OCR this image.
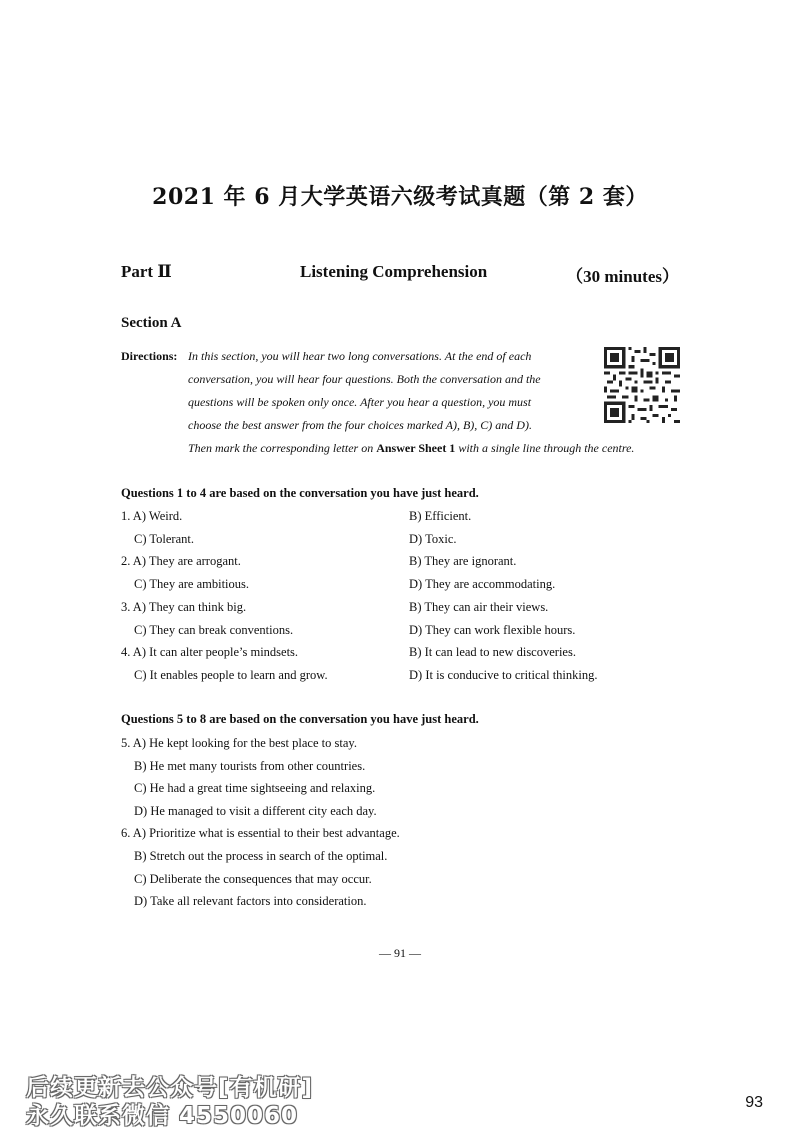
2021 年 6 月大学英语六级考试真题（第 2 套）
Part Ⅱ	Listening Comprehension	（30 minutes）
Section A
Directions: In this section, you will hear two long conversations. At the end of each
conversation, you will hear four questions. Both the conversation and the
questions will be spoken only once. After you hear a question, you must
choose the best answer from the four choices marked A), B), C) and D).
Then mark the corresponding letter on Answer Sheet 1 with a single line through the centre.
Questions 1 to 4 are based on the conversation you have just heard.
1. A) Weird.	B) Efficient.
C) Tolerant.	D) Toxic.
2. A) They are arrogant.	B) They are ignorant.
C) They are ambitious.	D) They are accommodating.
3. A) They can think big.	B) They can air their views.
C) They can break conventions.	D) They can work flexible hours.
4. A) It can alter people’s mindsets.	B) It can lead to new discoveries.
C) It enables people to learn and grow.	D) It is conducive to critical thinking.
Questions 5 to 8 are based on the conversation you have just heard.
5. A) He kept looking for the best place to stay.
B) He met many tourists from other countries.
C) He had a great time sightseeing and relaxing.
D) He managed to visit a different city each day.
6. A) Prioritize what is essential to their best advantage.
B) Stretch out the process in search of the optimal.
C) Deliberate the consequences that may occur.
D) Take all relevant factors into consideration.
— 91 —
后续更新去公众号[有机研]
永久联系微信 4550060
93
